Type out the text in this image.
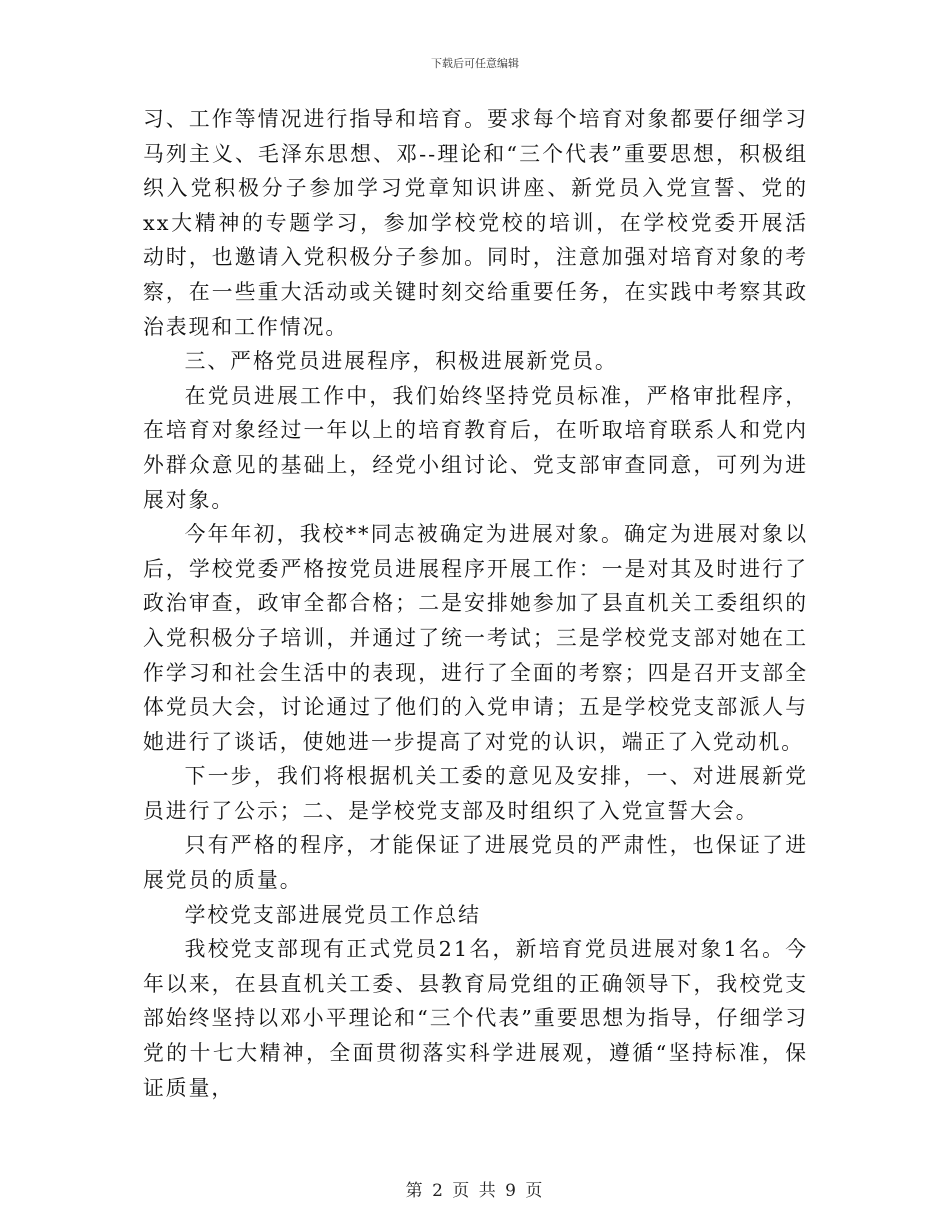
下载后可任意编辑

习、工作等情况进行指导和培育。要求每个培育对象都要仔细学习马列主义、毛泽东思想、邓--理论和“三个代表”重要思想，积极组织入党积极分子参加学习党章知识讲座、新党员入党宣誓、党的xx大精神的专题学习，参加学校党校的培训，在学校党委开展活动时，也邀请入党积极分子参加。同时，注意加强对培育对象的考察，在一些重大活动或关键时刻交给重要任务，在实践中考察其政治表现和工作情况。

三、严格党员进展程序，积极进展新党员。

在党员进展工作中，我们始终坚持党员标准，严格审批程序，在培育对象经过一年以上的培育教育后，在听取培育联系人和党内外群众意见的基础上，经党小组讨论、党支部审查同意，可列为进展对象。

今年年初，我校**同志被确定为进展对象。确定为进展对象以后，学校党委严格按党员进展程序开展工作：一是对其及时进行了政治审查，政审全都合格；二是安排她参加了县直机关工委组织的入党积极分子培训，并通过了统一考试；三是学校党支部对她在工作学习和社会生活中的表现，进行了全面的考察；四是召开支部全体党员大会，讨论通过了他们的入党申请；五是学校党支部派人与她进行了谈话，使她进一步提高了对党的认识，端正了入党动机。

下一步，我们将根据机关工委的意见及安排，一、对进展新党员进行了公示；二、是学校党支部及时组织了入党宣誓大会。

只有严格的程序，才能保证了进展党员的严肃性，也保证了进展党员的质量。

学校党支部进展党员工作总结

我校党支部现有正式党员21名，新培育党员进展对象1名。今年以来，在县直机关工委、县教育局党组的正确领导下，我校党支部始终坚持以邓小平理论和“三个代表”重要思想为指导，仔细学习党的十七大精神，全面贯彻落实科学进展观，遵循“坚持标准，保证质量，

第 2 页 共 9 页
